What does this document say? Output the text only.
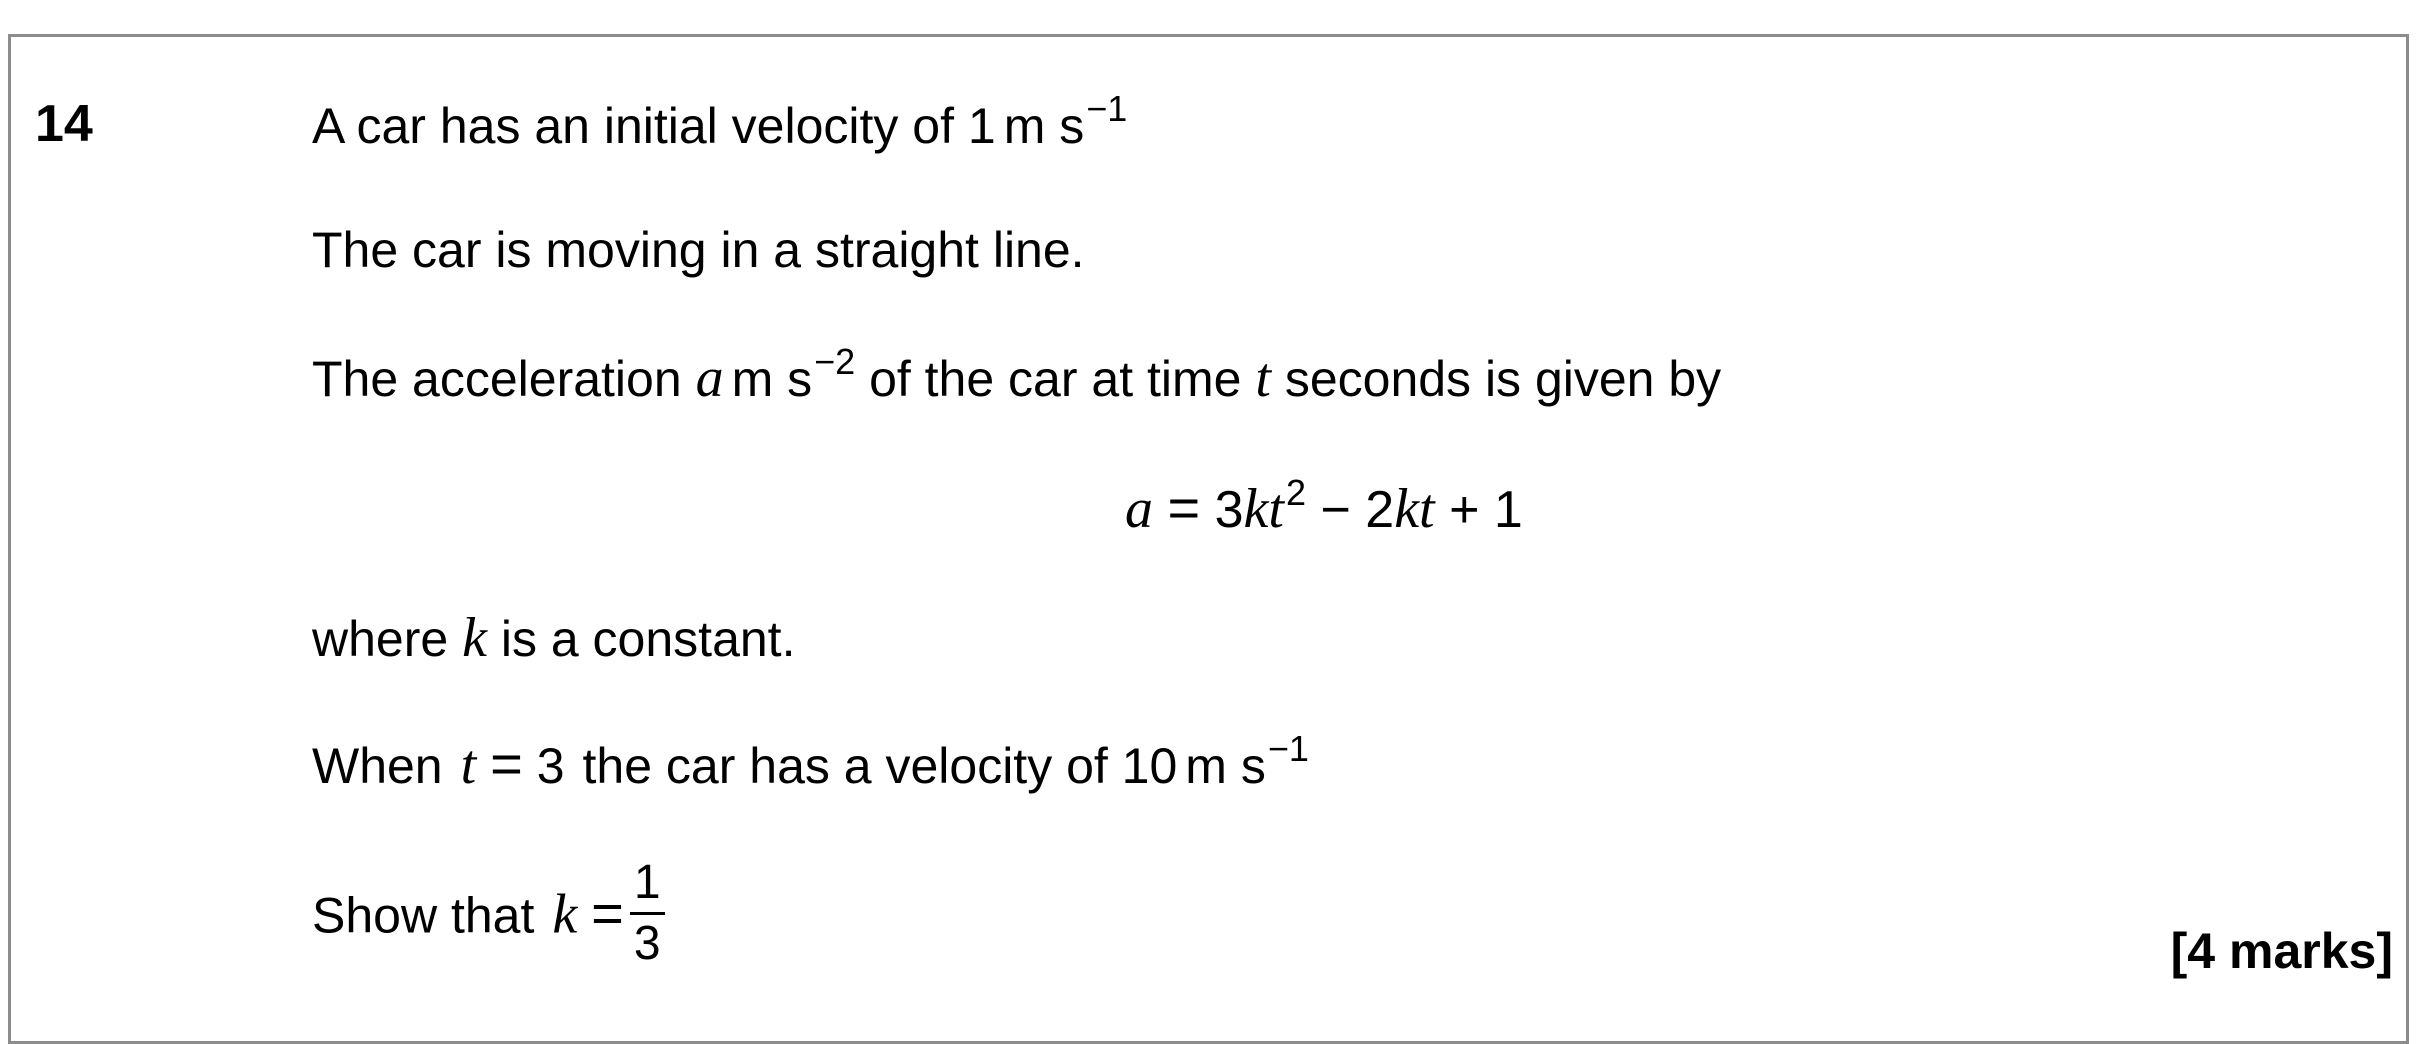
14	A car has an initial velocity of 1 m $s^{-1}$
The car is moving in a straight line.
The acceleration a m $s^{-2}$ of the car at time t seconds is given by
$a = 3kt^2 - 2kt + 1$
where k is a constant.
When t = 3 the car has a velocity of 10 m $s^{-1}$
Show that $k = \frac{1}{3}$	[4 marks]
